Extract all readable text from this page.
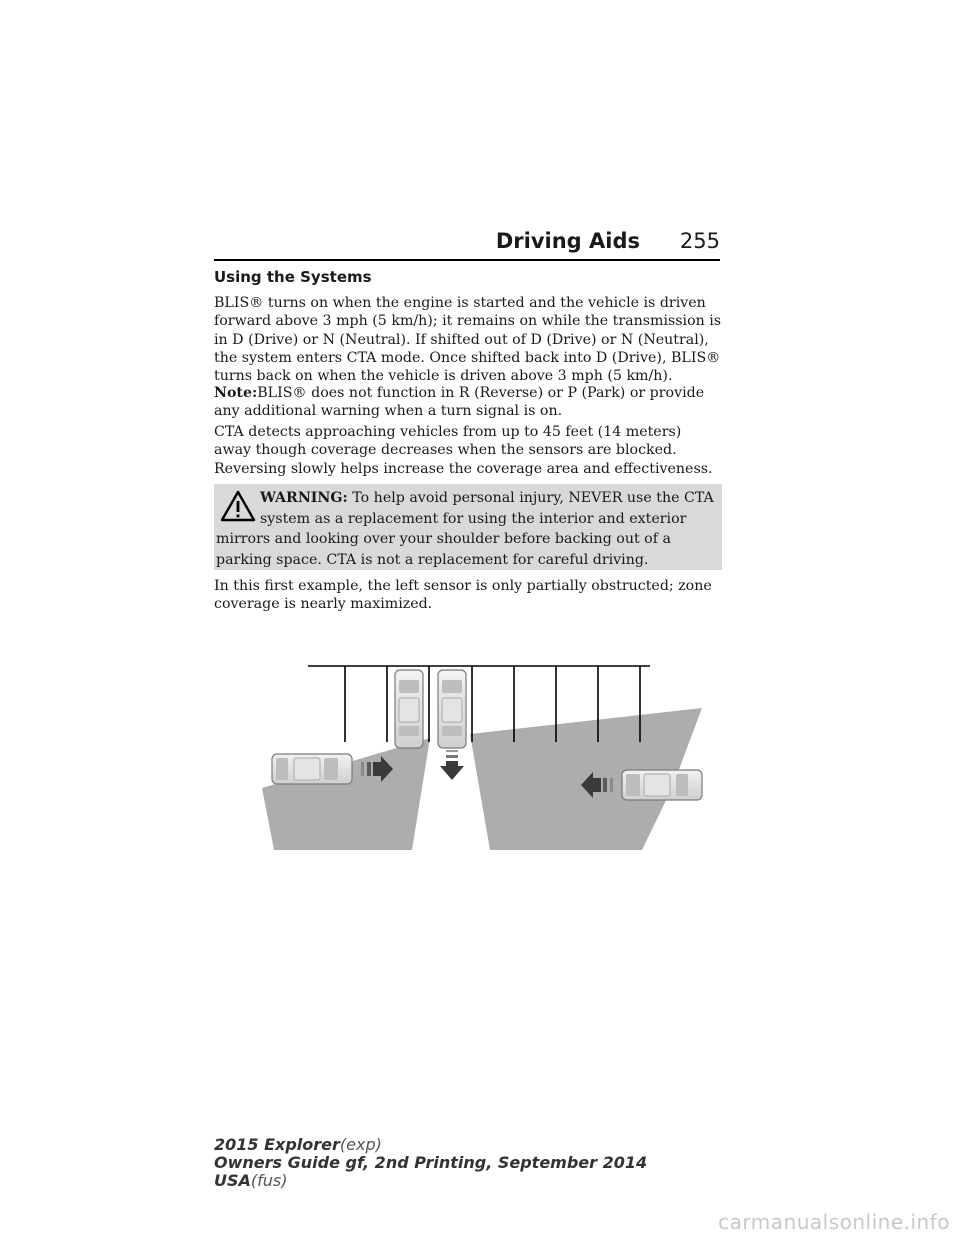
Driving Aids 255
Using the Systems

BLIS® turns on when the engine is started and the vehicle is driven forward above 3 mph (5 km/h); it remains on while the transmission is in D (Drive) or N (Neutral). If shifted out of D (Drive) or N (Neutral), the system enters CTA mode. Once shifted back into D (Drive), BLIS® turns back on when the vehicle is driven above 3 mph (5 km/h).

Note:BLIS® does not function in R (Reverse) or P (Park) or provide any additional warning when a turn signal is on.

CTA detects approaching vehicles from up to 45 feet (14 meters) away though coverage decreases when the sensors are blocked. Reversing slowly helps increase the coverage area and effectiveness.

WARNING: To help avoid personal injury, NEVER use the CTA system as a replacement for using the interior and exterior mirrors and looking over your shoulder before backing out of a parking space. CTA is not a replacement for careful driving.

In this first example, the left sensor is only partially obstructed; zone coverage is nearly maximized.

2015 Explorer(exp)
Owners Guide gf, 2nd Printing, September 2014
USA(fus)
carmanualsonline.info
